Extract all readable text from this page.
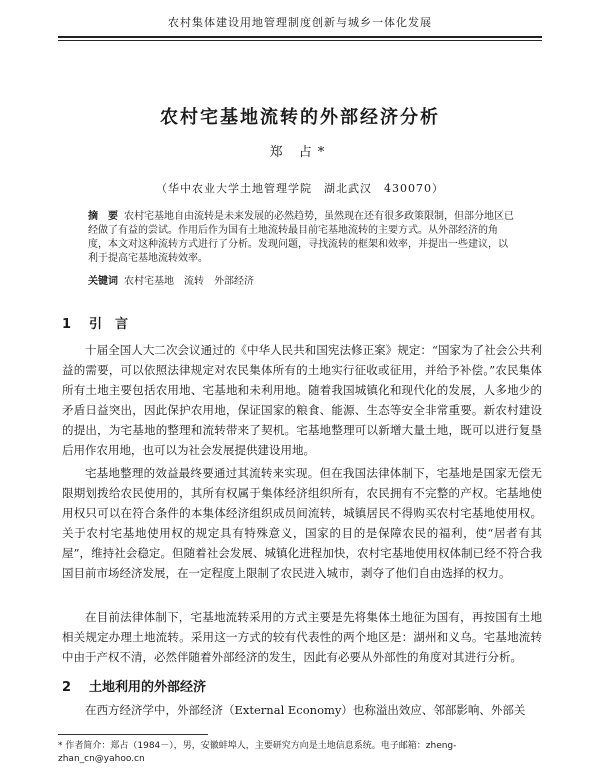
农村集体建设用地管理制度创新与城乡一体化发展
农村宅基地流转的外部经济分析
郑 占*
（华中农业大学土地管理学院　湖北武汉　430070）
摘　要 农村宅基地自由流转是未来发展的必然趋势，虽然现在还有很多政策限制，但部分地区已经做了有益的尝试。作用后作为国有土地流转最目前宅基地流转的主要方式。从外部经济的角度，本文对这种流转方式进行了分析。发现问题，寻找流转的框架和效率，并提出一些建议，以利于提高宅基地流转效率。
关键词 农村宅基地　流转　外部经济
1 引　言
十届全国人大二次会议通过的《中华人民共和国宪法修正案》规定：“国家为了社会公共利益的需要，可以依照法律规定对农民集体所有的土地实行征收或征用，并给予补偿。”农民集体所有土地主要包括农用地、宅基地和未利用地。随着我国城镇化和现代化的发展，人多地少的矛盾日益突出，因此保护农用地，保证国家的粮食、能源、生态等安全非常重要。新农村建设的提出，为宅基地的整理和流转带来了契机。宅基地整理可以新增大量土地，既可以进行复垦后用作农用地，也可以为社会发展提供建设用地。
宅基地整理的效益最终要通过其流转来实现。但在我国法律体制下，宅基地是国家无偿无限期划拨给农民使用的，其所有权属于集体经济组织所有，农民拥有不完整的产权。宅基地使用权只可以在符合条件的本集体经济组织成员间流转，城镇居民不得购买农村宅基地使用权。关于农村宅基地使用权的规定具有特殊意义，国家的目的是保障农民的福利，使“居者有其屋”，维持社会稳定。但随着社会发展、城镇化进程加快，农村宅基地使用权体制已经不符合我国目前市场经济发展，在一定程度上限制了农民进入城市，剥夺了他们自由选择的权力。
在目前法律体制下，宅基地流转采用的方式主要是先将集体土地征为国有，再按国有土地相关规定办理土地流转。采用这一方式的较有代表性的两个地区是：湖州和义乌。宅基地流转中由于产权不清，必然伴随着外部经济的发生，因此有必要从外部性的角度对其进行分析。
2 土地利用的外部经济
在西方经济学中，外部经济（External Economy）也称溢出效应、邻部影响、外部关
* 作者简介：郑占（1984－），男，安徽蚌埠人，主要研究方向是土地信息系统。电子邮箱：zheng-zhan_cn@yahoo.cn
